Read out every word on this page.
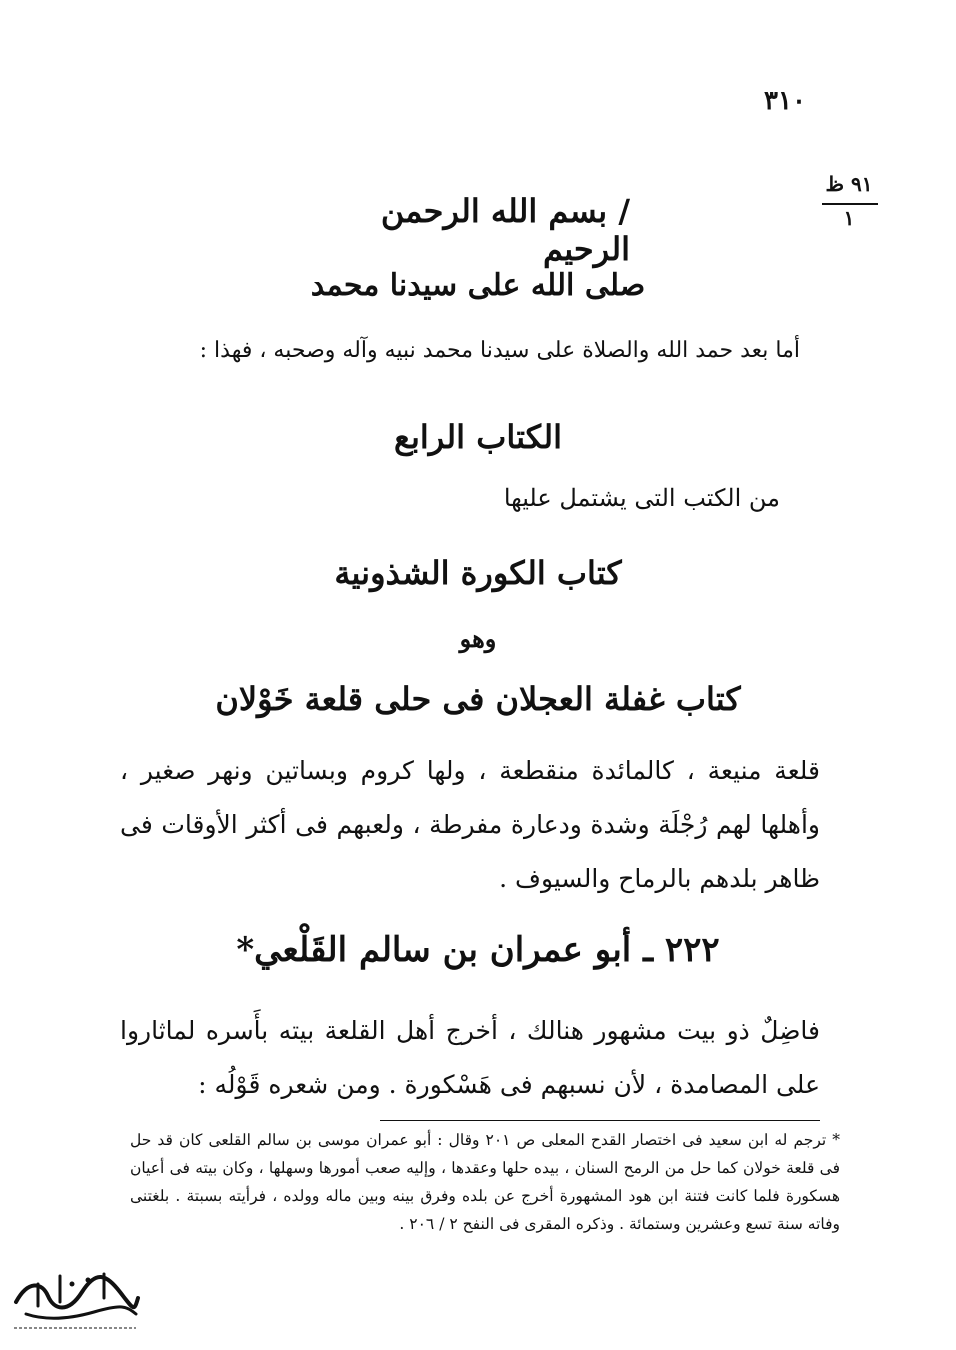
٣١٠
٩١ ظ
١
/ بسم الله الرحمن الرحيم
صلى الله على سيدنا محمد
أما بعد حمد الله والصلاة على سيدنا محمد نبيه وآله وصحبه ، فهذا :
الكتاب الرابع
من الكتب التى يشتمل عليها
كتاب الكورة الشذونية
وهو
كتاب غفلة العجلان فى حلى قلعة خَوْلان
قلعة منيعة ، كالمائدة منقطعة ، ولها كروم وبساتين ونهر صغير ، وأهلها لهم رُجْلَة وشدة ودعارة مفرطة ، ولعبهم فى أكثر الأوقات فى ظاهر بلدهم بالرماح والسيوف .
٢٢٢ ـ أبو عمران بن سالم القَلْعي*
فاضِلٌ ذو بيت مشهور هنالك ، أخرج أهل القلعة بيته بأَسره لماثاروا على المصامدة ، لأن نسبهم فى هَسْكورة . ومن شعره قَوْلُه :
* ترجم له ابن سعيد فى اختصار القدح المعلى ص ٢٠١ وقال : أبو عمران موسى بن سالم القلعى كان قد حل فى قلعة خولان كما حل من الرمح السنان ، بيده حلها وعقدها ، وإليه صعب أمورها وسهلها ، وكان بيته فى أعيان هسكورة فلما كانت فتنة ابن هود المشهورة أخرج عن بلده وفرق بينه وبين ماله وولده ، فرأيته بسبتة . بلغتنى وفاته سنة تسع وعشرين وستمائة . وذكره المقرى فى النفح ٢ / ٢٠٦ .
